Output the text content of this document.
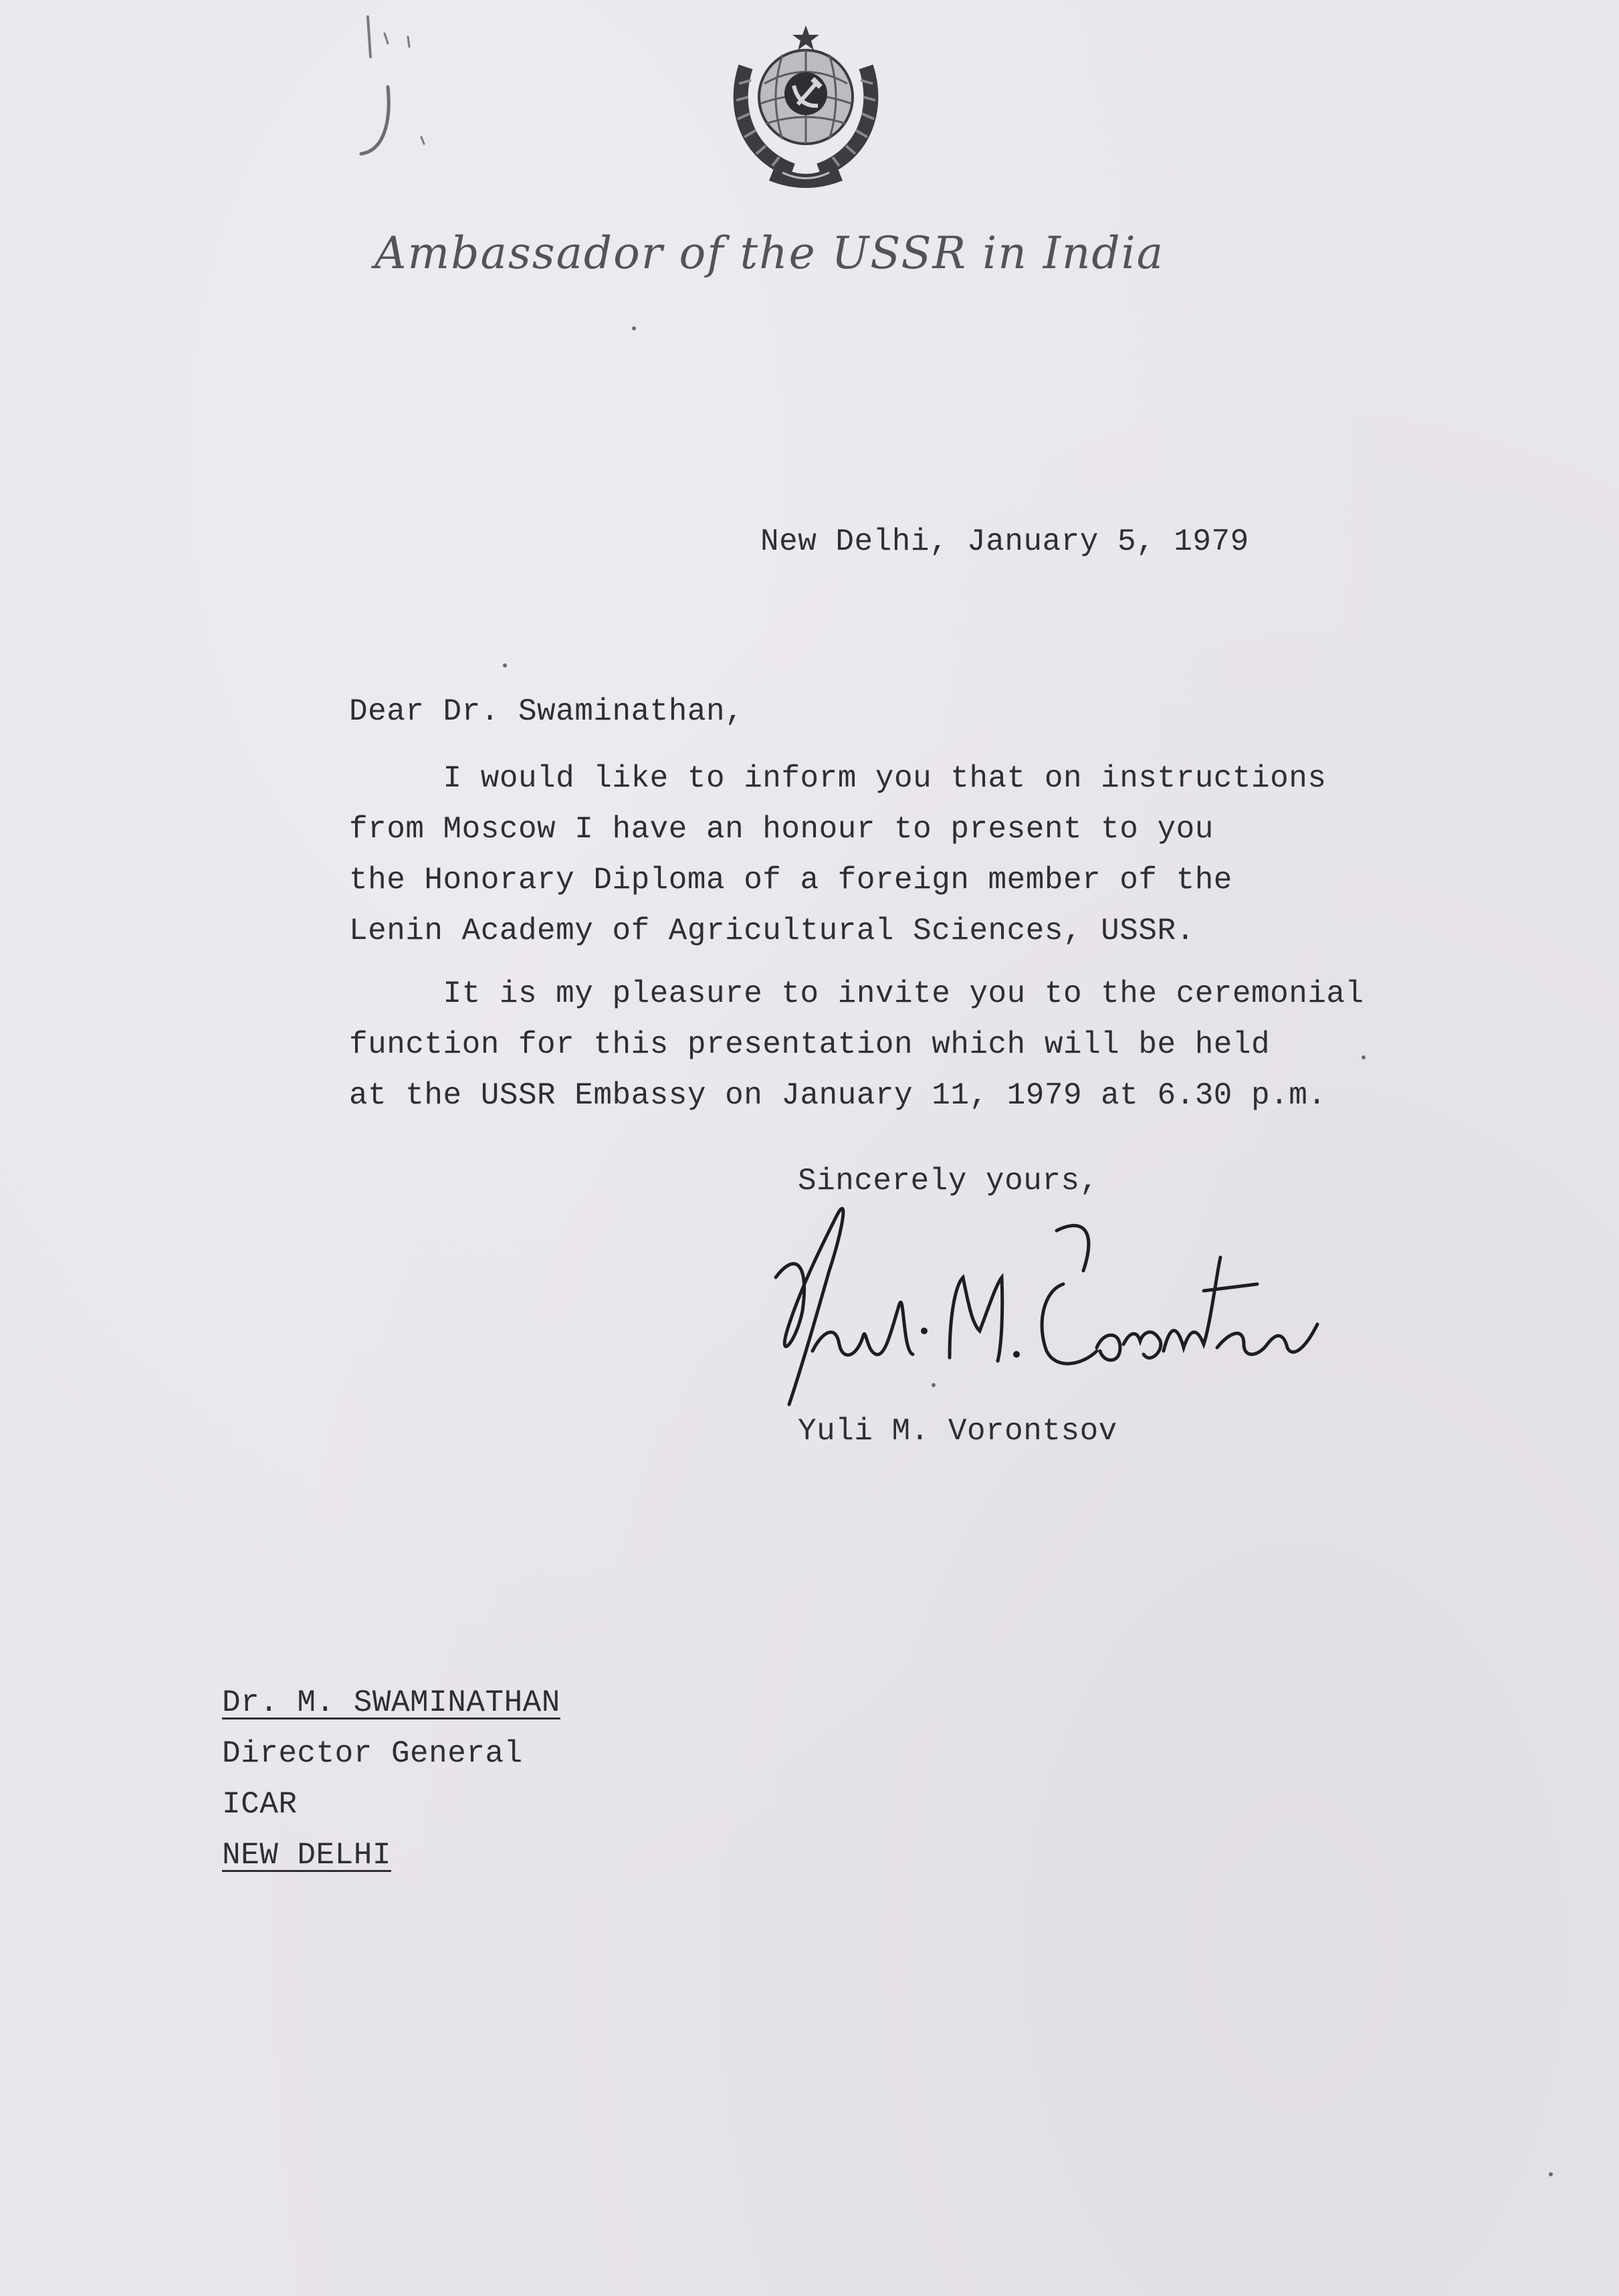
Ambassador of the USSR in India
New Delhi, January 5, 1979
Dear Dr. Swaminathan,
I would like to inform you that on instructions
from Moscow I have an honour to present to you
the Honorary Diploma of a foreign member of the
Lenin Academy of Agricultural Sciences, USSR.
It is my pleasure to invite you to the ceremonial
function for this presentation which will be held
at the USSR Embassy on January 11, 1979 at 6.30 p.m.
Sincerely yours,
Yuli M. Vorontsov
Dr. M. SWAMINATHAN
Director General
ICAR
NEW DELHI
